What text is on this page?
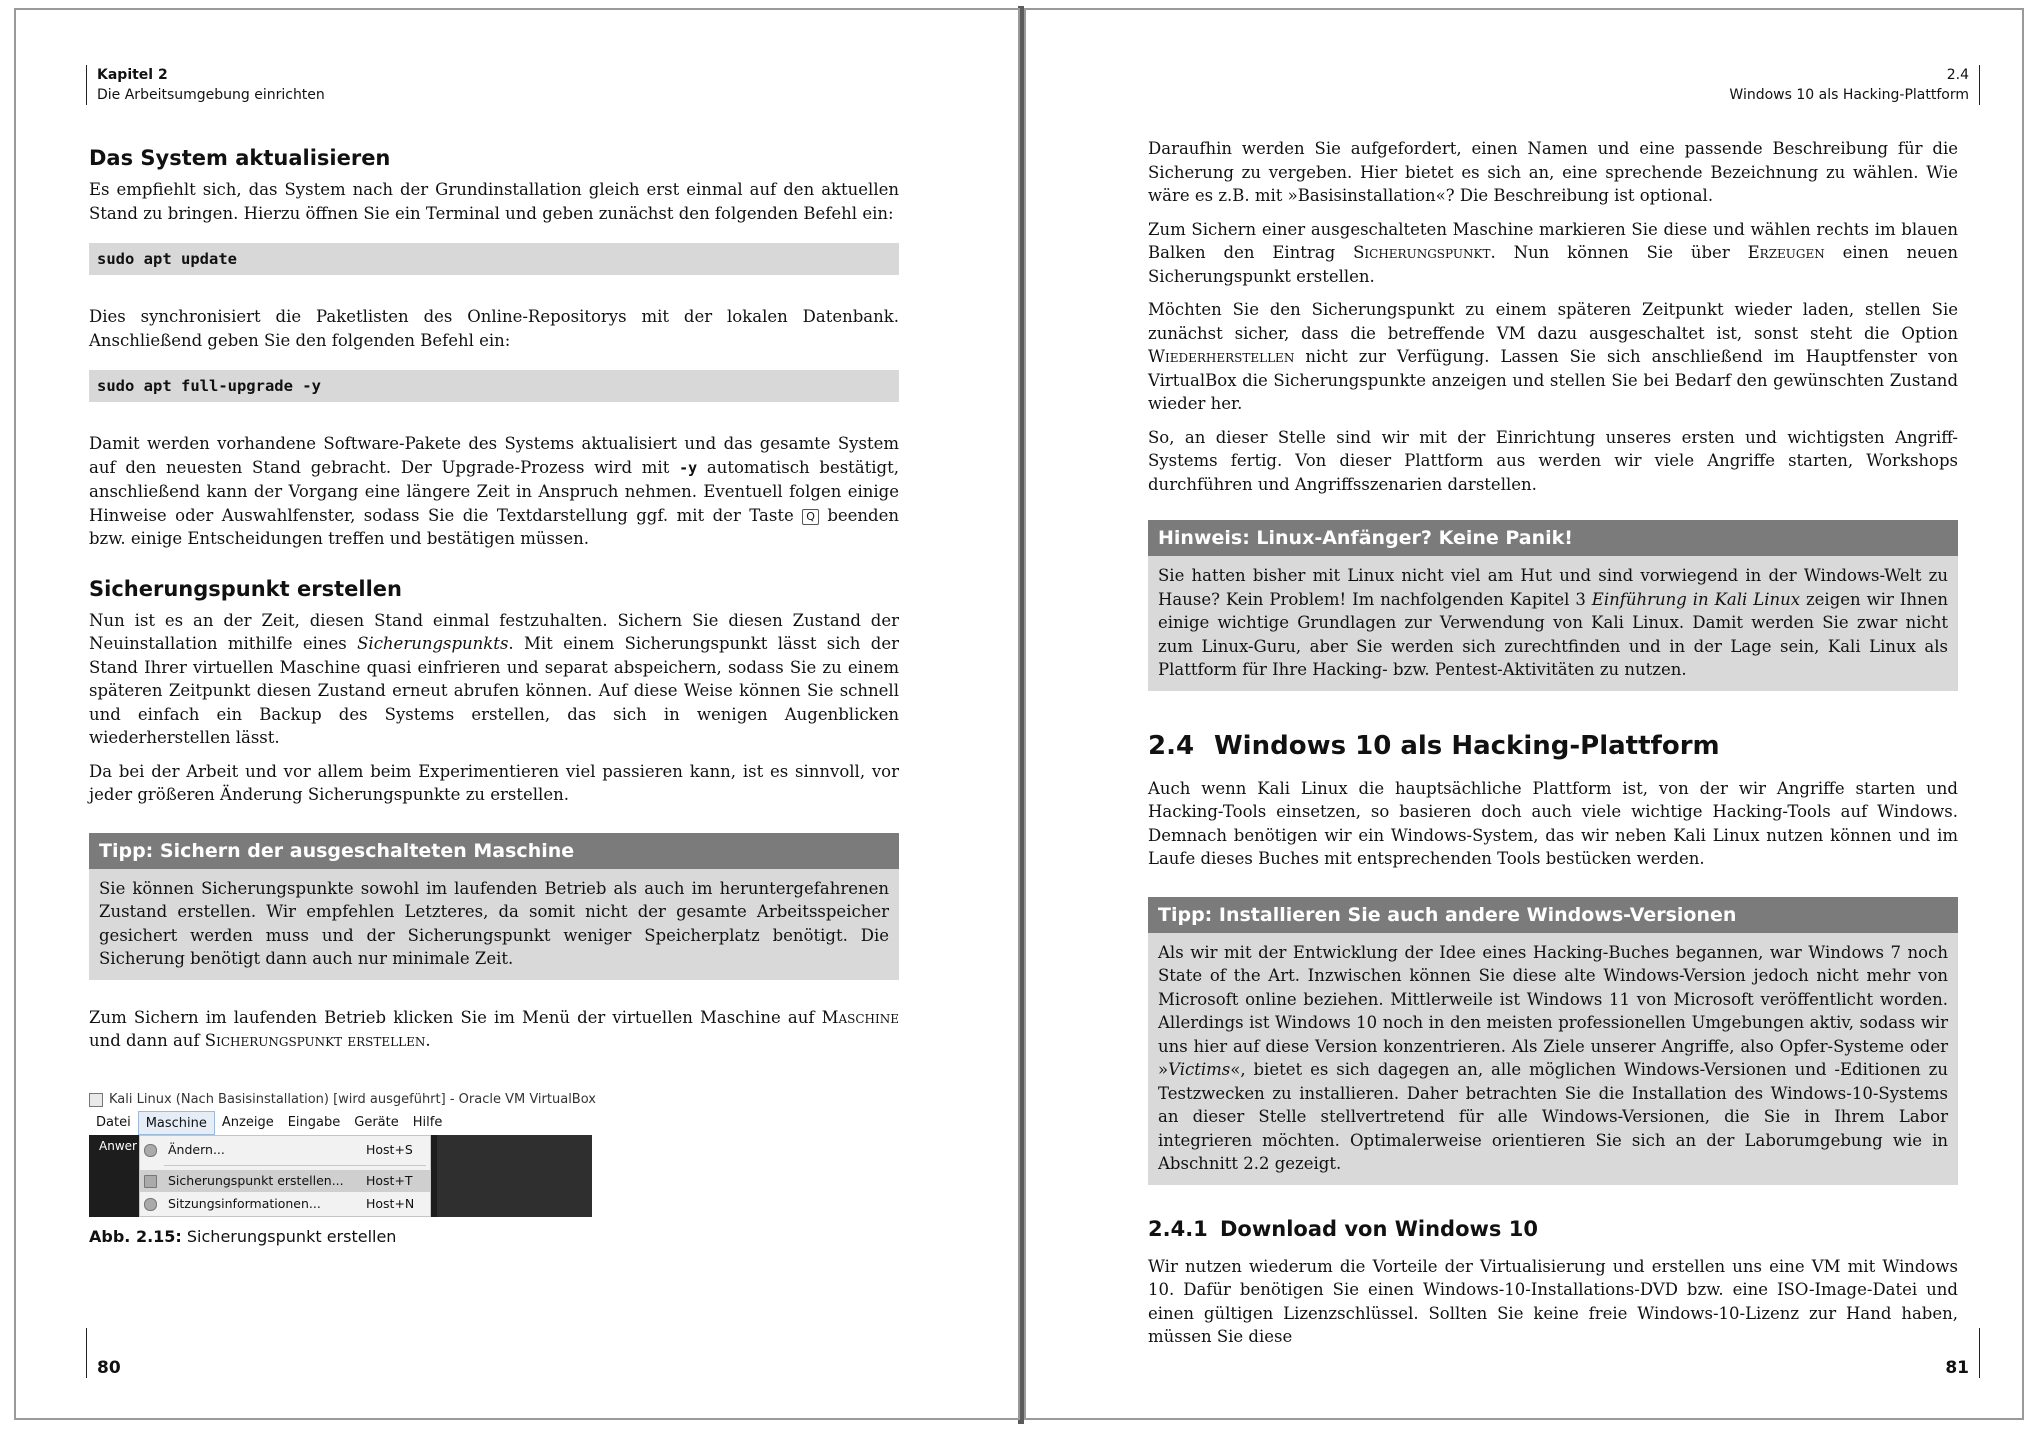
Kapitel 2
Die Arbeitsumgebung einrichten
Das System aktualisieren

Es empfiehlt sich, das System nach der Grundinstallation gleich erst einmal auf den aktuellen Stand zu bringen. Hierzu öffnen Sie ein Terminal und geben zunächst den folgenden Befehl ein:

sudo apt update

Dies synchronisiert die Paketlisten des Online-Repositorys mit der lokalen Datenbank. Anschließend geben Sie den folgenden Befehl ein:

sudo apt full-upgrade -y

Damit werden vorhandene Software-Pakete des Systems aktualisiert und das gesamte System auf den neuesten Stand gebracht. Der Upgrade-Prozess wird mit -y automatisch bestätigt, anschließend kann der Vorgang eine längere Zeit in Anspruch nehmen. Eventuell folgen einige Hinweise oder Auswahlfenster, sodass Sie die Textdarstellung ggf. mit der Taste Q beenden bzw. einige Entscheidungen treffen und bestätigen müssen.

Sicherungspunkt erstellen

Nun ist es an der Zeit, diesen Stand einmal festzuhalten. Sichern Sie diesen Zustand der Neuinstallation mithilfe eines Sicherungspunkts. Mit einem Sicherungspunkt lässt sich der Stand Ihrer virtuellen Maschine quasi einfrieren und separat abspeichern, sodass Sie zu einem späteren Zeitpunkt diesen Zustand erneut abrufen können. Auf diese Weise können Sie schnell und einfach ein Backup des Systems erstellen, das sich in wenigen Augenblicken wiederherstellen lässt.

Da bei der Arbeit und vor allem beim Experimentieren viel passieren kann, ist es sinnvoll, vor jeder größeren Änderung Sicherungspunkte zu erstellen.

Tipp: Sichern der ausgeschalteten Maschine
Sie können Sicherungspunkte sowohl im laufenden Betrieb als auch im heruntergefahrenen Zustand erstellen. Wir empfehlen Letzteres, da somit nicht der gesamte Arbeitsspeicher gesichert werden muss und der Sicherungspunkt weniger Speicherplatz benötigt. Die Sicherung benötigt dann auch nur minimale Zeit.

Zum Sichern im laufenden Betrieb klicken Sie im Menü der virtuellen Maschine auf Maschine und dann auf Sicherungspunkt erstellen.

Kali Linux (Nach Basisinstallation) [wird ausgeführt] - Oracle VM VirtualBox
Datei	Maschine	Anzeige	Eingabe	Geräte	Hilfe
Anwer Ändern...	Host+S
Sicherungspunkt erstellen... Host+T
Sitzungsinformationen...	Host+N
Abb. 2.15: Sicherungspunkt erstellen
80
2.4
Windows 10 als Hacking-Plattform

Daraufhin werden Sie aufgefordert, einen Namen und eine passende Beschreibung für die Sicherung zu vergeben. Hier bietet es sich an, eine sprechende Bezeichnung zu wählen. Wie wäre es z.B. mit »Basisinstallation«? Die Beschreibung ist optional.

Zum Sichern einer ausgeschalteten Maschine markieren Sie diese und wählen rechts im blauen Balken den Eintrag Sicherungspunkt. Nun können Sie über Erzeugen einen neuen Sicherungspunkt erstellen.

Möchten Sie den Sicherungspunkt zu einem späteren Zeitpunkt wieder laden, stellen Sie zunächst sicher, dass die betreffende VM dazu ausgeschaltet ist, sonst steht die Option Wiederherstellen nicht zur Verfügung. Lassen Sie sich anschließend im Hauptfenster von VirtualBox die Sicherungspunkte anzeigen und stellen Sie bei Bedarf den gewünschten Zustand wieder her.

So, an dieser Stelle sind wir mit der Einrichtung unseres ersten und wichtigsten Angriff-Systems fertig. Von dieser Plattform aus werden wir viele Angriffe starten, Workshops durchführen und Angriffsszenarien darstellen.

Hinweis: Linux-Anfänger? Keine Panik!
Sie hatten bisher mit Linux nicht viel am Hut und sind vorwiegend in der Windows-Welt zu Hause? Kein Problem! Im nachfolgenden Kapitel 3 Einführung in Kali Linux zeigen wir Ihnen einige wichtige Grundlagen zur Verwendung von Kali Linux. Damit werden Sie zwar nicht zum Linux-Guru, aber Sie werden sich zurechtfinden und in der Lage sein, Kali Linux als Plattform für Ihre Hacking- bzw. Pentest-Aktivitäten zu nutzen.
2.4 Windows 10 als Hacking-Plattform

Auch wenn Kali Linux die hauptsächliche Plattform ist, von der wir Angriffe starten und Hacking-Tools einsetzen, so basieren doch auch viele wichtige Hacking-Tools auf Windows. Demnach benötigen wir ein Windows-System, das wir neben Kali Linux nutzen können und im Laufe dieses Buches mit entsprechenden Tools bestücken werden.

Tipp: Installieren Sie auch andere Windows-Versionen
Als wir mit der Entwicklung der Idee eines Hacking-Buches begannen, war Windows 7 noch State of the Art. Inzwischen können Sie diese alte Windows-Version jedoch nicht mehr von Microsoft online beziehen. Mittlerweile ist Windows 11 von Microsoft veröffentlicht worden. Allerdings ist Windows 10 noch in den meisten professionellen Umgebungen aktiv, sodass wir uns hier auf diese Version konzentrieren. Als Ziele unserer Angriffe, also Opfer-Systeme oder »Victims«, bietet es sich dagegen an, alle möglichen Windows-Versionen und -Editionen zu Testzwecken zu installieren. Daher betrachten Sie die Installation des Windows-10-Systems an dieser Stelle stellvertretend für alle Windows-Versionen, die Sie in Ihrem Labor integrieren möchten. Optimalerweise orientieren Sie sich an der Laborumgebung wie in Abschnitt 2.2 gezeigt.
2.4.1 Download von Windows 10

Wir nutzen wiederum die Vorteile der Virtualisierung und erstellen uns eine VM mit Windows 10. Dafür benötigen Sie einen Windows-10-Installations-DVD bzw. eine ISO-Image-Datei und einen gültigen Lizenzschlüssel. Sollten Sie keine freie Windows-10-Lizenz zur Hand haben, müssen Sie diese

81
